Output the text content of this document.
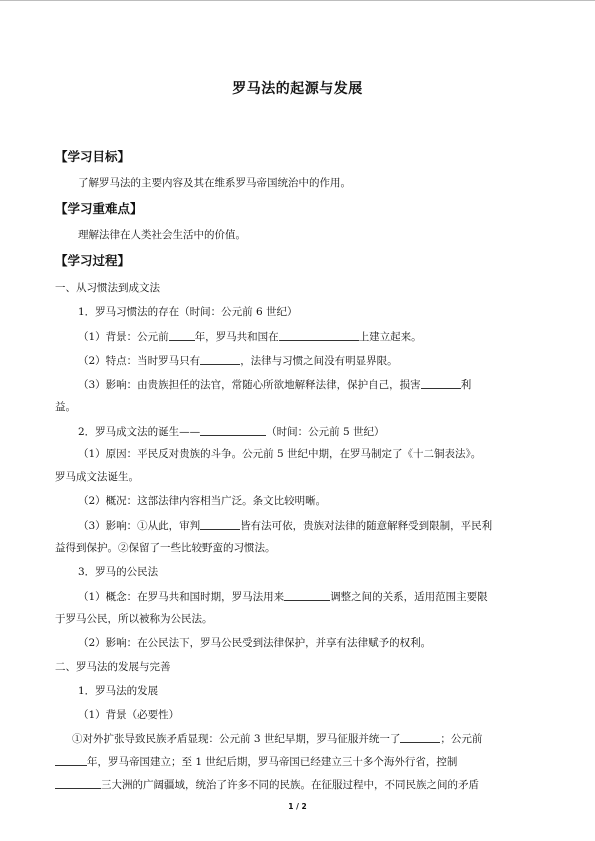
罗马法的起源与发展
【学习目标】
了解罗马法的主要内容及其在维系罗马帝国统治中的作用。
【学习重难点】
理解法律在人类社会生活中的价值。
【学习过程】
一、从习惯法到成文法
1．罗马习惯法的存在（时间：公元前 6 世纪）
（1）背景：公元前 年，罗马共和国在	上建立起来。
（2）特点：当时罗马只有	，法律与习惯之间没有明显界限。
（3）影响：由贵族担任的法官，常随心所欲地解释法律，保护自己，损害	利
益。
2．罗马成文法的诞生——	（时间：公元前 5 世纪）
（1）原因：平民反对贵族的斗争。公元前 5 世纪中期，在罗马制定了《十二铜表法》。
罗马成文法诞生。
（2）概况：这部法律内容相当广泛。条文比较明晰。
（3）影响：①从此，审判	皆有法可依，贵族对法律的随意解释受到限制，平民利
益得到保护。②保留了一些比较野蛮的习惯法。
3．罗马的公民法
（1）概念：在罗马共和国时期，罗马法用来	调整之间的关系，适用范围主要限
于罗马公民，所以被称为公民法。
（2）影响：在公民法下，罗马公民受到法律保护，并享有法律赋予的权利。
二、罗马法的发展与完善
1．罗马法的发展
（1）背景（必要性）
①对外扩张导致民族矛盾显现：公元前 3 世纪早期，罗马征服并统一了	；公元前
年，罗马帝国建立；至 1 世纪后期，罗马帝国已经建立三十多个海外行省，控制
三大洲的广阔疆域，统治了许多不同的民族。在征服过程中，不同民族之间的矛盾
1 / 2
